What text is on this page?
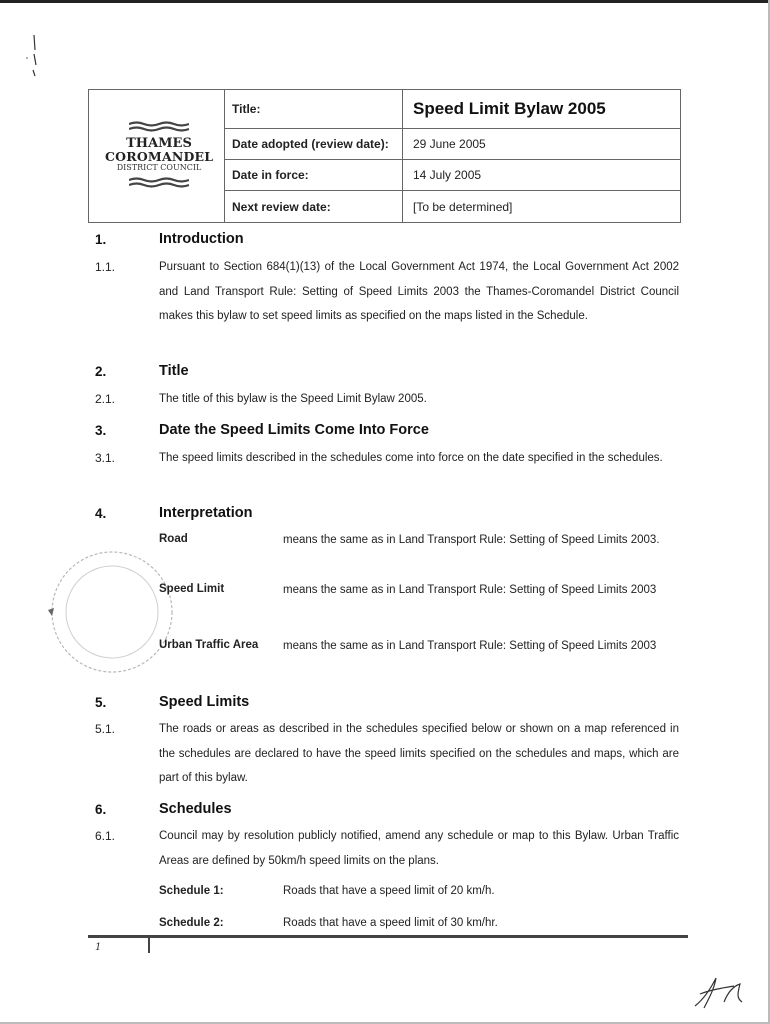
THAMES
COROMANDEL
DISTRICT COUNCIL
Title:	Speed Limit Bylaw 2005
Date adopted (review date):	29 June 2005
Date in force:	14 July 2005
Next review date:	[To be determined]
1.	Introduction
1.1.	Pursuant to Section 684(1)(13) of the Local Government Act 1974, the Local Government Act 2002 and Land Transport Rule: Setting of Speed Limits 2003 the Thames-Coromandel District Council makes this bylaw to set speed limits as specified on the maps listed in the Schedule.
2.	Title
2.1.	The title of this bylaw is the Speed Limit Bylaw 2005.
3.	Date the Speed Limits Come Into Force
3.1.	The speed limits described in the schedules come into force on the date specified in the schedules.
4.	Interpretation
Road	means the same as in Land Transport Rule: Setting of Speed Limits 2003.
Speed Limit	means the same as in Land Transport Rule: Setting of Speed Limits 2003
Urban Traffic Area means the same as in Land Transport Rule: Setting of Speed Limits 2003
5.	Speed Limits
5.1.	The roads or areas as described in the schedules specified below or shown on a map referenced in the schedules are declared to have the speed limits specified on the schedules and maps, which are part of this bylaw.
6.	Schedules
6.1.	Council may by resolution publicly notified, amend any schedule or map to this Bylaw. Urban Traffic Areas are defined by 50km/h speed limits on the plans.
Schedule 1:	Roads that have a speed limit of 20 km/h.
Schedule 2:	Roads that have a speed limit of 30 km/hr.
1
